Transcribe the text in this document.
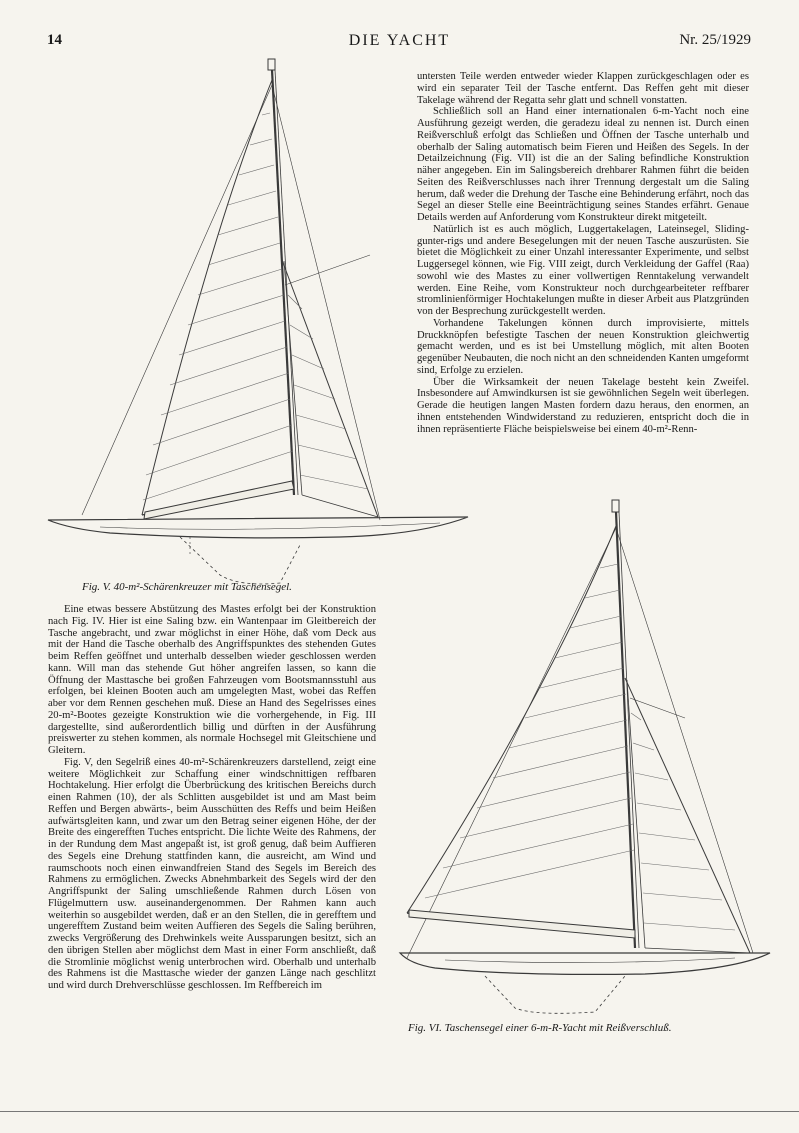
14	DIE YACHT	Nr. 25/1929
Fig. V. 40-m²-Schärenkreuzer mit Taschensegel.

untersten Teile werden entweder wieder Klappen zurückgeschlagen oder es wird ein separater Teil der Tasche entfernt. Das Reffen geht mit dieser Takelage während der Regatta sehr glatt und schnell vonstatten.

Schließlich soll an Hand einer internationalen 6-m-Yacht noch eine Ausführung gezeigt werden, die geradezu ideal zu nennen ist. Durch einen Reißverschluß erfolgt das Schließen und Öffnen der Tasche unterhalb und oberhalb der Saling automatisch beim Fieren und Heißen des Segels. In der Detailzeichnung (Fig. VII) ist die an der Saling befindliche Konstruktion näher angegeben. Ein im Salingsbereich drehbarer Rahmen führt die beiden Seiten des Reißverschlusses nach ihrer Trennung dergestalt um die Saling herum, daß weder die Drehung der Tasche eine Behinderung erfährt, noch das Segel an dieser Stelle eine Beeinträchtigung seines Standes erfährt. Genaue Details werden auf Anforderung vom Konstrukteur direkt mitgeteilt.

Natürlich ist es auch möglich, Luggertakelagen, Lateinsegel, Sliding-gunter-rigs und andere Besegelungen mit der neuen Tasche auszurüsten. Sie bietet die Möglichkeit zu einer Unzahl interessanter Experimente, und selbst Luggersegel können, wie Fig. VIII zeigt, durch Verkleidung der Gaffel (Raa) sowohl wie des Mastes zu einer vollwertigen Renntakelung verwandelt werden. Eine Reihe, vom Konstrukteur noch durchgearbeiteter reffbarer stromlinienförmiger Hochtakelungen mußte in dieser Arbeit aus Platzgründen von der Besprechung zurückgestellt werden.

Vorhandene Takelungen können durch improvisierte, mittels Druckknöpfen befestigte Taschen der neuen Konstruktion gleichwertig gemacht werden, und es ist bei Umstellung möglich, mit alten Booten gegenüber Neubauten, die noch nicht an den schneidenden Kanten umgeformt sind, Erfolge zu erzielen.

Über die Wirksamkeit der neuen Takelage besteht kein Zweifel. Insbesondere auf Amwindkursen ist sie gewöhnlichen Segeln weit überlegen. Gerade die heutigen langen Masten fordern dazu heraus, den enormen, an ihnen entstehenden Windwiderstand zu reduzieren, entspricht doch die in ihnen repräsentierte Fläche beispielsweise bei einem 40-m²-Renn-

Eine etwas bessere Abstützung des Mastes erfolgt bei der Konstruktion nach Fig. IV. Hier ist eine Saling bzw. ein Wantenpaar im Gleitbereich der Tasche angebracht, und zwar möglichst in einer Höhe, daß vom Deck aus mit der Hand die Tasche oberhalb des Angriffspunktes des stehenden Gutes beim Reffen geöffnet und unterhalb desselben wieder geschlossen werden kann. Will man das stehende Gut höher angreifen lassen, so kann die Öffnung der Masttasche bei großen Fahrzeugen vom Bootsmannsstuhl aus erfolgen, bei kleinen Booten auch am umgelegten Mast, wobei das Reffen aber vor dem Rennen geschehen muß. Diese an Hand des Segelrisses eines 20-m²-Bootes gezeigte Konstruktion wie die vorhergehende, in Fig. III dargestellte, sind außerordentlich billig und dürften in der Ausführung preiswerter zu stehen kommen, als normale Hochsegel mit Gleitschiene und Gleitern.

Fig. V, den Segelriß eines 40-m²-Schärenkreuzers darstellend, zeigt eine weitere Möglichkeit zur Schaffung einer windschnittigen reffbaren Hochtakelung. Hier erfolgt die Überbrückung des kritischen Bereichs durch einen Rahmen (10), der als Schlitten ausgebildet ist und am Mast beim Reffen und Bergen abwärts-, beim Ausschütten des Reffs und beim Heißen aufwärtsgleiten kann, und zwar um den Betrag seiner eigenen Höhe, der der Breite des eingerefften Tuches entspricht. Die lichte Weite des Rahmens, der in der Rundung dem Mast angepaßt ist, ist groß genug, daß beim Auffieren des Segels eine Drehung stattfinden kann, die ausreicht, am Wind und raumschoots noch einen einwandfreien Stand des Segels im Bereich des Rahmens zu ermöglichen. Zwecks Abnehmbarkeit des Segels wird der den Angriffspunkt der Saling umschließende Rahmen durch Lösen von Flügelmuttern usw. auseinandergenommen. Der Rahmen kann auch weiterhin so ausgebildet werden, daß er an den Stellen, die in gerefftem und ungerefftem Zustand beim weiten Auffieren des Segels die Saling berühren, zwecks Vergrößerung des Drehwinkels weite Aussparungen besitzt, sich an den übrigen Stellen aber möglichst dem Mast in einer Form anschließt, daß die Stromlinie möglichst wenig unterbrochen wird. Oberhalb und unterhalb des Rahmens ist die Masttasche wieder der ganzen Länge nach geschlitzt und wird durch Drehverschlüsse geschlossen. Im Reffbereich im

Fig. VI. Taschensegel einer 6-m-R-Yacht mit Reißverschluß.
